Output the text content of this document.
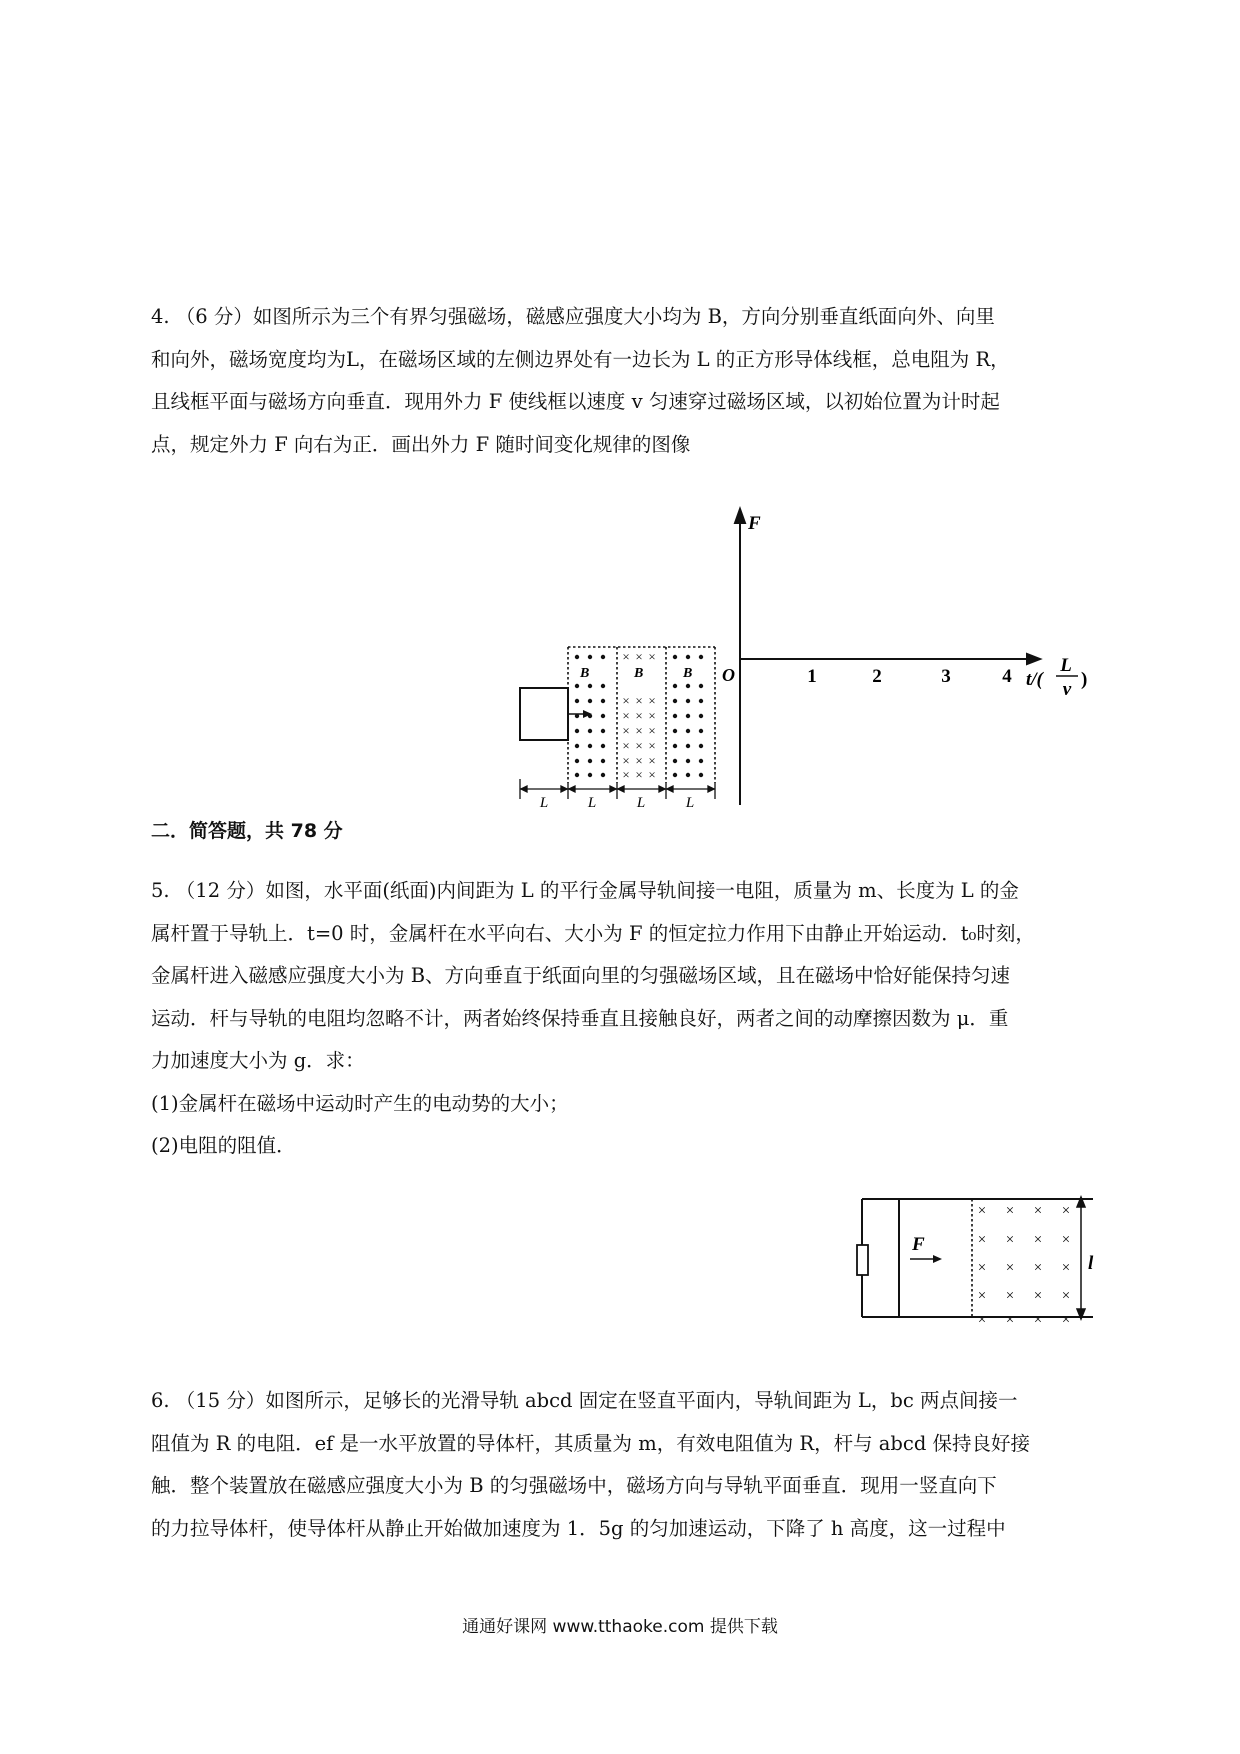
4. （6 分）如图所示为三个有界匀强磁场，磁感应强度大小均为 B，方向分别垂直纸面向外、向里
和向外，磁场宽度均为L，在磁场区域的左侧边界处有一边长为 L 的正方形导体线框，总电阻为 R，
且线框平面与磁场方向垂直．现用外力 F 使线框以速度 v 匀速穿过磁场区域，以初始位置为计时起
点，规定外力 F 向右为正．画出外力 F 随时间变化规律的图像
B
× × ×
× × ×
× × ×
× × ×
× × ×
× × ×
× × ×
B	B
L	L	L	L
F
O	1	2	3	4 t/(
L
v )
二．简答题，共 78 分
5. （12 分）如图，水平面(纸面)内间距为 L 的平行金属导轨间接一电阻，质量为 m、长度为 L 的金
属杆置于导轨上．t=0 时，金属杆在水平向右、大小为 F 的恒定拉力作用下由静止开始运动．t₀时刻，
金属杆进入磁感应强度大小为 B、方向垂直于纸面向里的匀强磁场区域，且在磁场中恰好能保持匀速
运动．杆与导轨的电阻均忽略不计，两者始终保持垂直且接触良好，两者之间的动摩擦因数为 μ．重
力加速度大小为 g．求：
(1)金属杆在磁场中运动时产生的电动势的大小；
(2)电阻的阻值．
F
× × × ×
× × × ×
× × × ×
× × × ×
× × × ×
l
6. （15 分）如图所示，足够长的光滑导轨 abcd 固定在竖直平面内，导轨间距为 L，bc 两点间接一
阻值为 R 的电阻．ef 是一水平放置的导体杆，其质量为 m，有效电阻值为 R，杆与 abcd 保持良好接
触．整个装置放在磁感应强度大小为 B 的匀强磁场中，磁场方向与导轨平面垂直．现用一竖直向下
的力拉导体杆，使导体杆从静止开始做加速度为 1．5g 的匀加速运动，下降了 h 高度，这一过程中
通通好课网 www.tthaoke.com 提供下载
